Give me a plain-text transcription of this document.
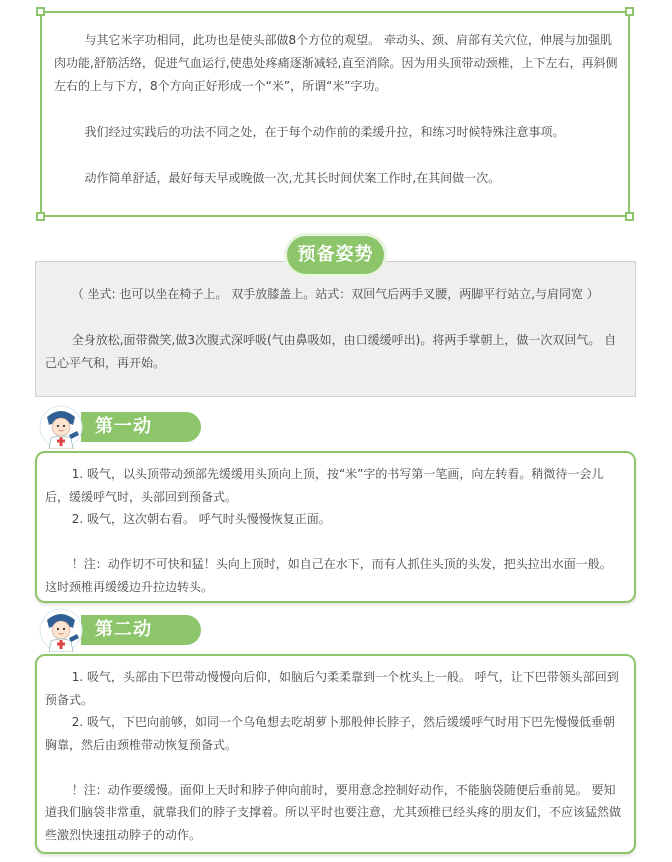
与其它米字功相同，此功也是使头部做8个方位的观望。 牵动头、颈、肩部有关穴位，伸展与加强肌肉功能,舒筋活络，促进气血运行,使患处疼痛逐渐减轻,直至消除。因为用头顶带动颈椎，上下左右，再斜侧左右的上与下方，8个方向正好形成一个“米”，所谓“米”字功。

我们经过实践后的功法不同之处，在于每个动作前的柔缓升拉，和练习时候特殊注意事项。

动作简单舒适，最好每天早或晚做一次,尤其长时间伏案工作时,在其间做一次。

预备姿势

（ 坐式: 也可以坐在椅子上。 双手放膝盖上。站式：双回气后两手叉腰，两脚平行站立,与肩同宽 ）

全身放松,面带微笑,做3次腹式深呼吸(气由鼻吸如，由口缓缓呼出)。将两手掌朝上，做一次双回气。 自己心平气和，再开始。

第一动

1. 吸气，以头顶带动颈部先缓缓用头顶向上顶，按“米”字的书写第一笔画，向左转看。稍微待一会儿后，缓缓呼气时，头部回到预备式。

2. 吸气，这次朝右看。 呼气时头慢慢恢复正面。

！注：动作切不可快和猛！头向上顶时，如自己在水下，而有人抓住头顶的头发，把头拉出水面一般。 这时颈椎再缓缓边升拉边转头。

第二动

1. 吸气，头部由下巴带动慢慢向后仰，如脑后勺柔柔靠到一个枕头上一般。 呼气，让下巴带领头部回到预备式。

2. 吸气，下巴向前够，如同一个乌龟想去吃胡萝卜那般伸长脖子，然后缓缓呼气时用下巴先慢慢低垂朝胸靠，然后由颈椎带动恢复预备式。

！注：动作要缓慢。面仰上天时和脖子伸向前时，要用意念控制好动作，不能脑袋随便后垂前晃。 要知道我们脑袋非常重，就靠我们的脖子支撑着。所以平时也要注意，尤其颈椎已经头疼的朋友们，不应该猛然做些激烈快速扭动脖子的动作。
